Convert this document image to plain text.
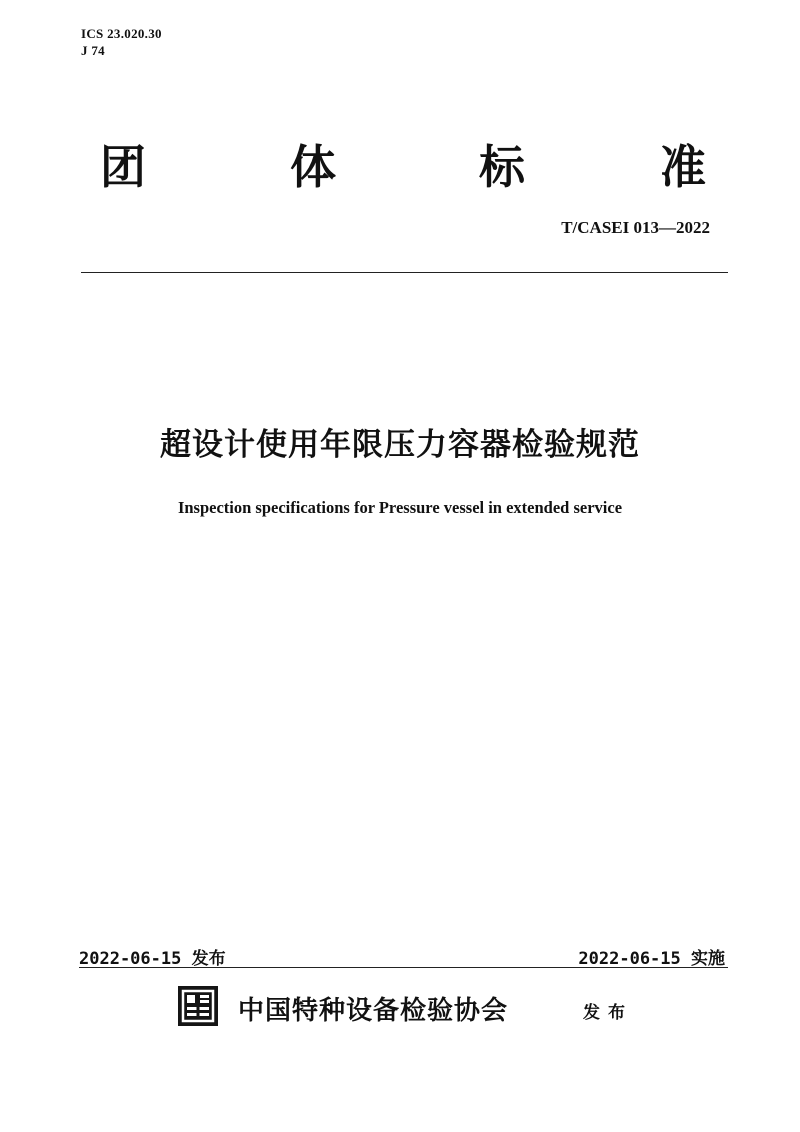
ICS 23.020.30
J 74
团	体	标	准
T/CASEI 013—2022
超设计使用年限压力容器检验规范
Inspection specifications for Pressure vessel in extended service
2022-06-15 发布	2022-06-15 实施
中国特种设备检验协会	发布
